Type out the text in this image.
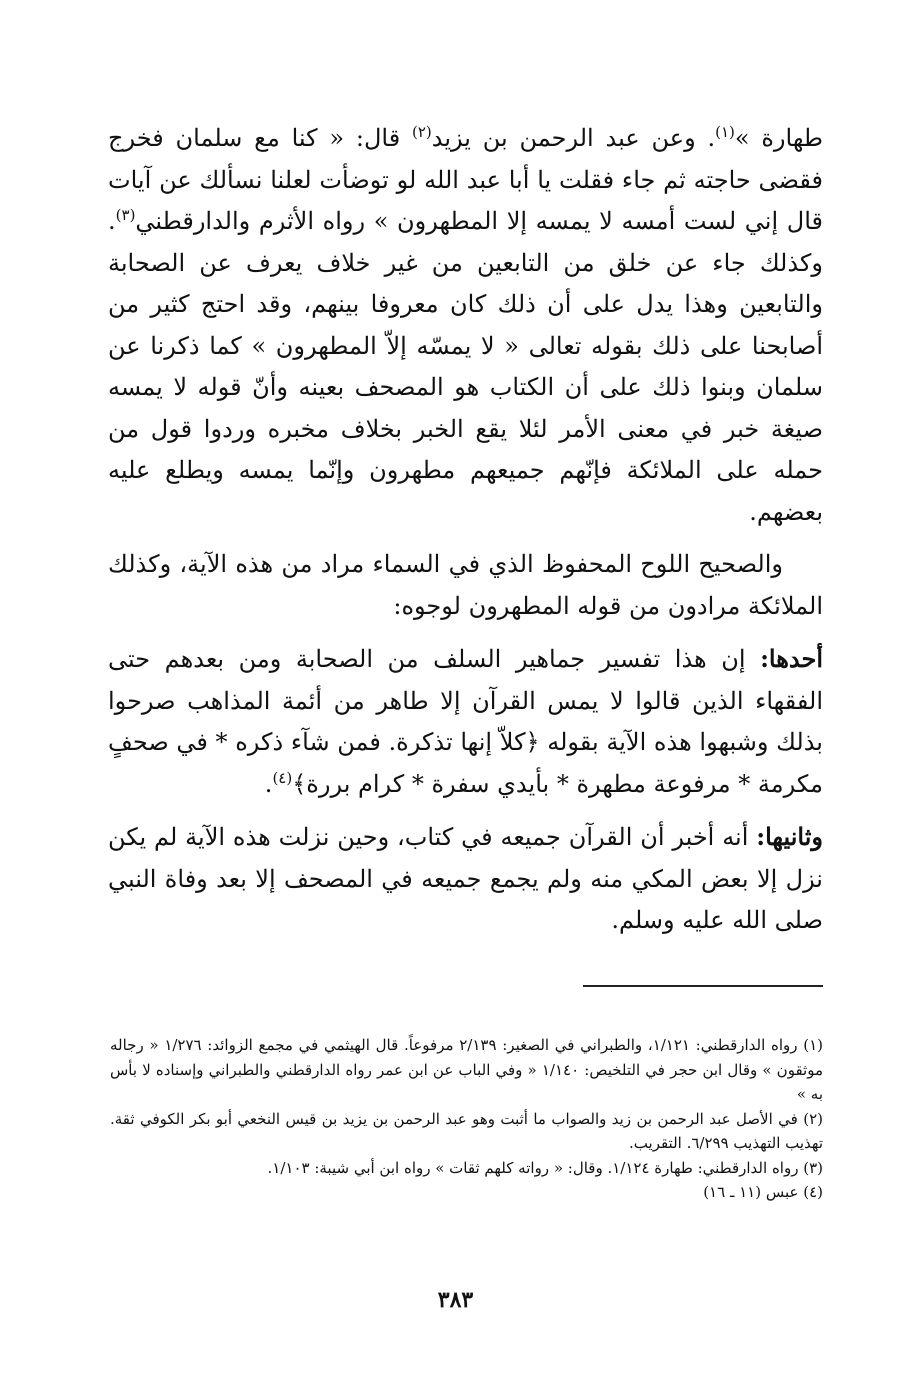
طهارة »$^{(١)}$. وعن عبد الرحمن بن يزيد$^{(٢)}$ قال: « كنا مع سلمان فخرج فقضى حاجته ثم جاء فقلت يا أبا عبد الله لو توضأت لعلنا نسألك عن آيات قال إني لست أمسه لا يمسه إلا المطهرون » رواه الأثرم والدارقطني$^{(٣)}$. وكذلك جاء عن خلق من التابعين من غير خلاف يعرف عن الصحابة والتابعين وهذا يدل على أن ذلك كان معروفا بينهم، وقد احتج كثير من أصابحنا على ذلك بقوله تعالى « لا يمسّه إلاّ المطهرون » كما ذكرنا عن سلمان وبنوا ذلك على أن الكتاب هو المصحف بعينه وأنّ قوله لا يمسه صيغة خبر في معنى الأمر لئلا يقع الخبر بخلاف مخبره وردوا قول من حمله على الملائكة فإنّهم جميعهم مطهرون وإنّما يمسه ويطلع عليه بعضهم.

والصحيح اللوح المحفوظ الذي في السماء مراد من هذه الآية، وكذلك الملائكة مرادون من قوله المطهرون لوجوه:

أحدها: إن هذا تفسير جماهير السلف من الصحابة ومن بعدهم حتى الفقهاء الذين قالوا لا يمس القرآن إلا طاهر من أئمة المذاهب صرحوا بذلك وشبهوا هذه الآية بقوله ﴿كلاّ إنها تذكرة. فمن شآء ذكره * في صحفٍ مكرمة * مرفوعة مطهرة * بأيدي سفرة * كرام بررة﴾$^{(٤)}$.

وثانيها: أنه أخبر أن القرآن جميعه في كتاب، وحين نزلت هذه الآية لم يكن نزل إلا بعض المكي منه ولم يجمع جميعه في المصحف إلا بعد وفاة النبي صلى الله عليه وسلم.

(١) رواه الدارقطني: ١/١٢١، والطبراني في الصغير: ٢/١٣٩ مرفوعاً. قال الهيثمي في مجمع الزوائد: ١/٢٧٦ « رجاله موثقون » وقال ابن حجر في التلخيص: ١/١٤٠ « وفي الباب عن ابن عمر رواه الدارقطني والطبراني وإسناده لا بأس به »

(٢) في الأصل عبد الرحمن بن زيد والصواب ما أثبت وهو عبد الرحمن بن يزيد بن قيس النخعي أبو بكر الكوفي ثقة. تهذيب التهذيب ٦/٢٩٩. التقريب.

(٣) رواه الدارقطني: طهارة ١/١٢٤. وقال: « رواته كلهم ثقات » رواه ابن أبي شيبة: ١/١٠٣.

(٤) عبس (١١ ـ ١٦)

٣٨٣
